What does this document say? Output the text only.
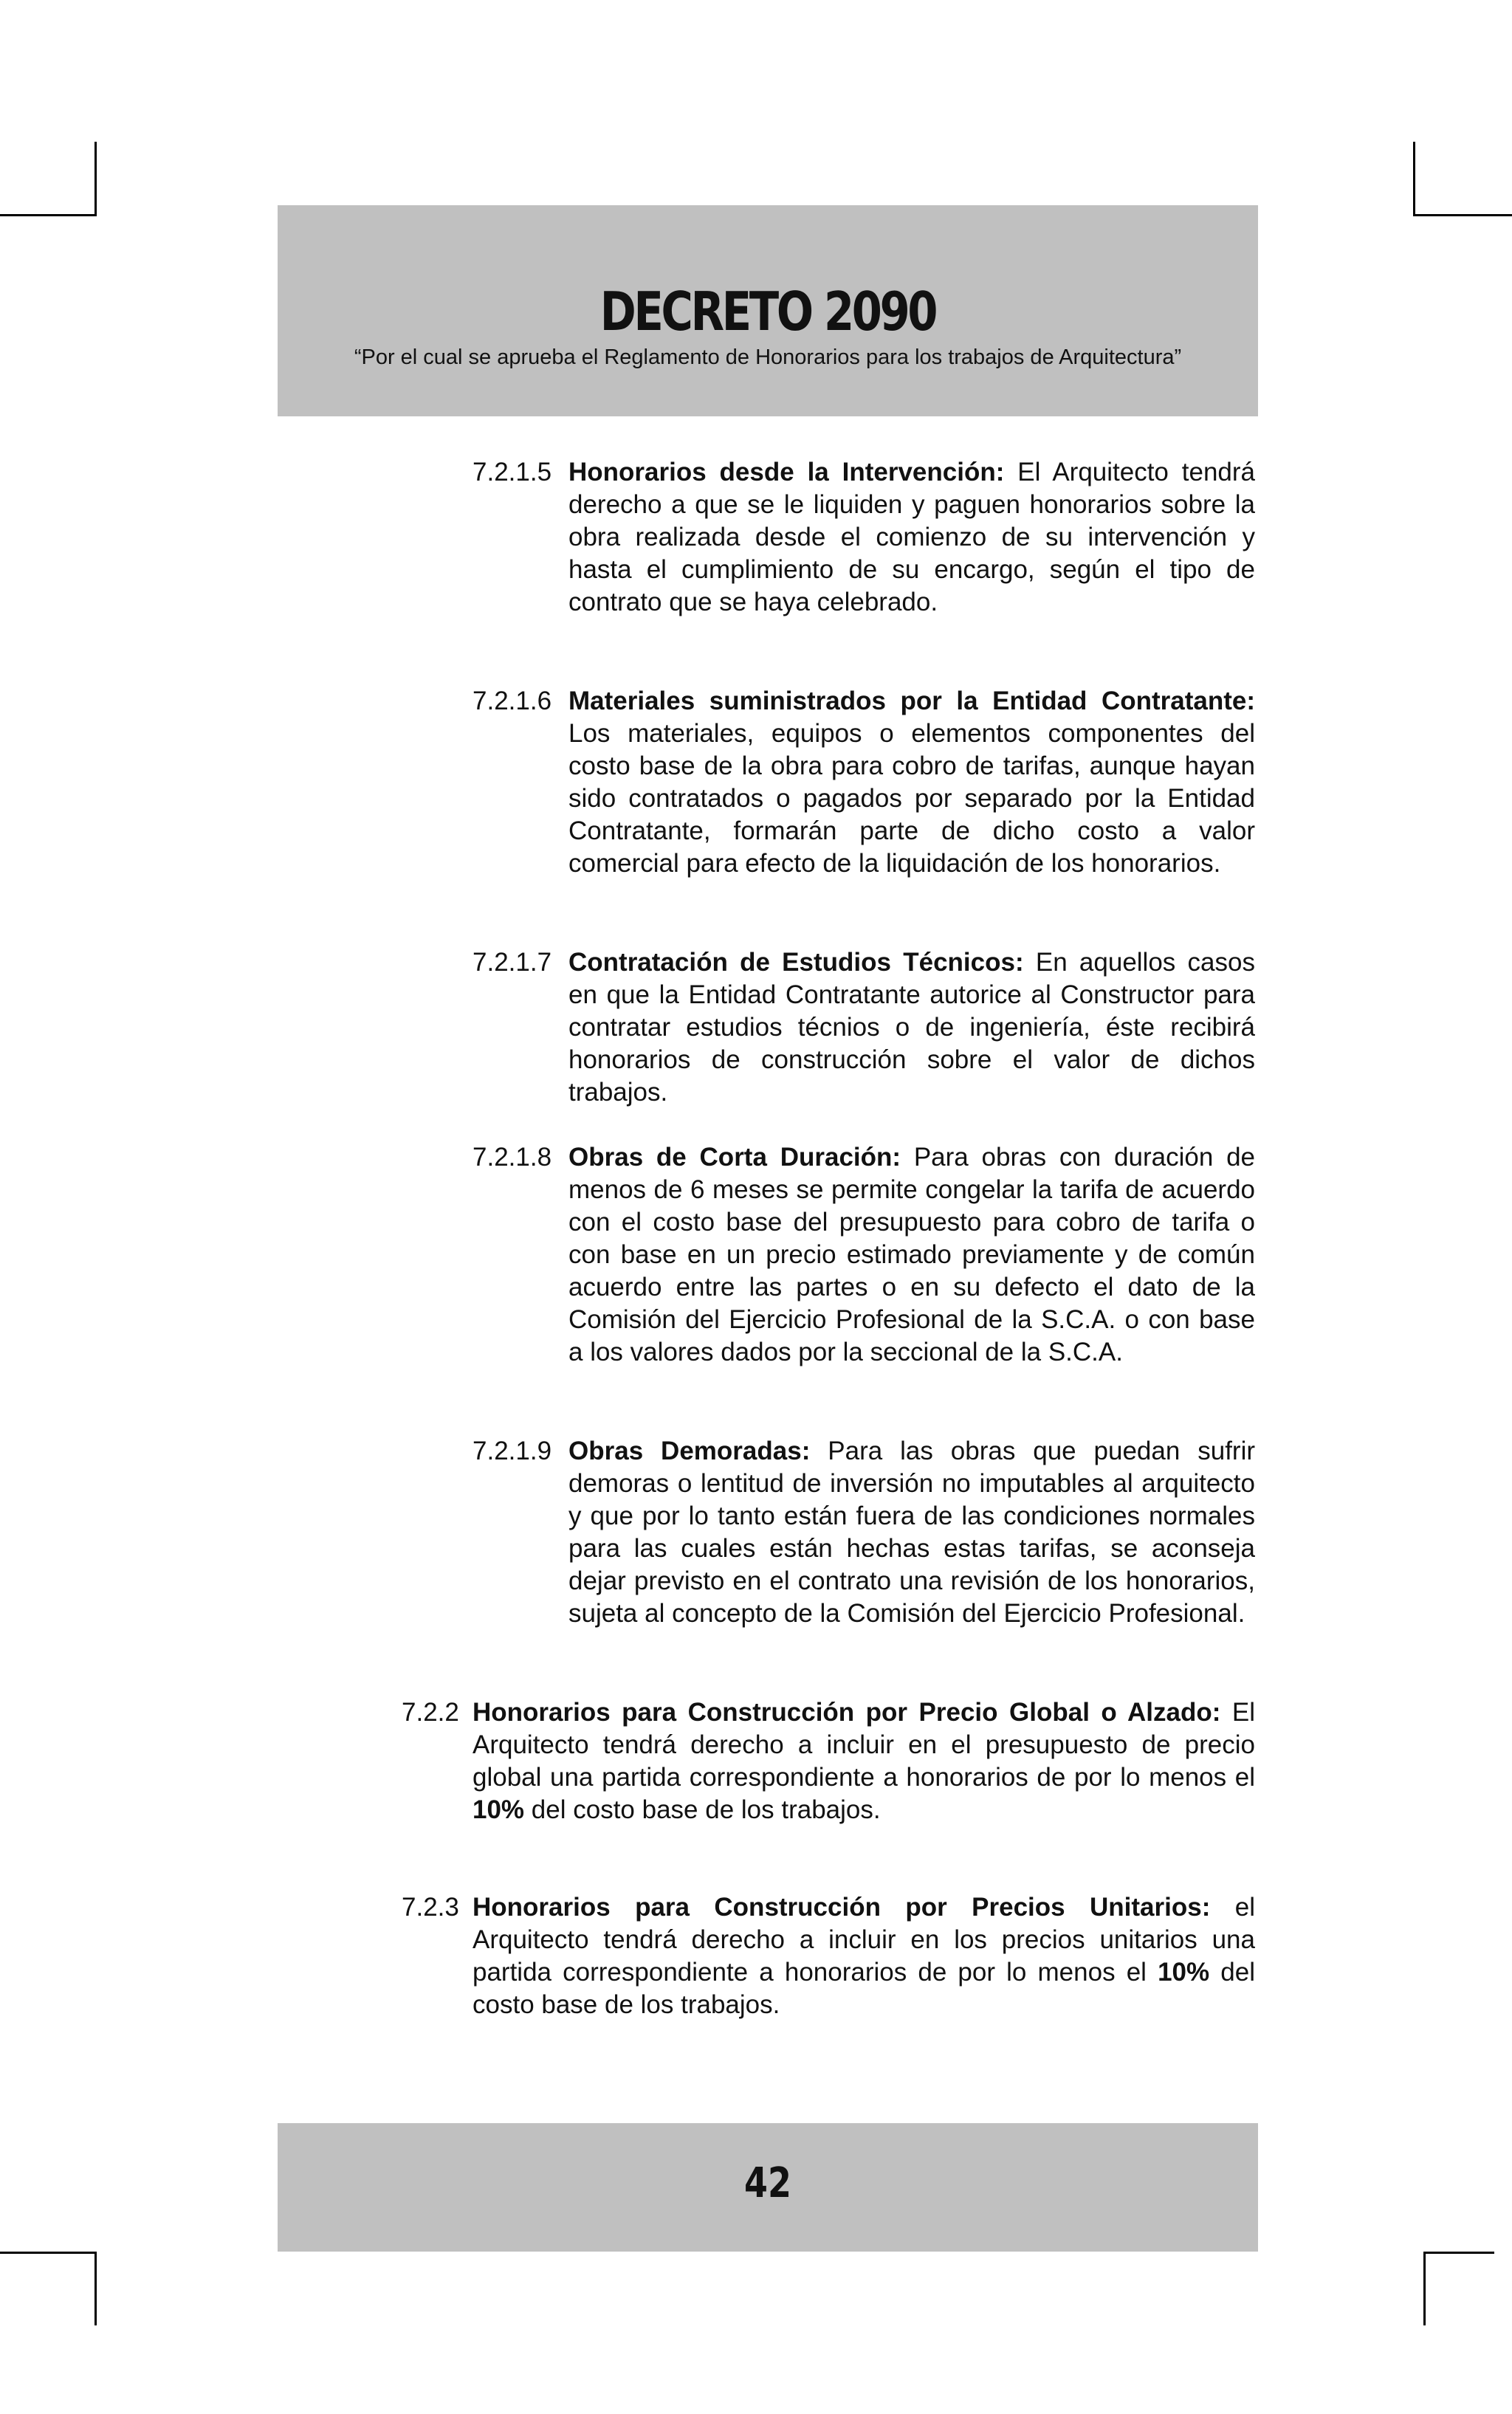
DECRETO 2090
“Por el cual se aprueba el Reglamento de Honorarios para los trabajos de Arquitectura”
7.2.1.5 Honorarios desde la Intervención: El Arquitecto tendrá derecho a que se le liquiden y paguen honorarios sobre la obra realizada desde el comienzo de su intervención y hasta el cumplimiento de su encargo, según el tipo de contrato que se haya celebrado.
7.2.1.6 Materiales suministrados por la Entidad Contratante: Los materiales, equipos o elementos componentes del costo base de la obra para cobro de tarifas, aunque hayan sido contratados o pagados por separado por la Entidad Contratante, formarán parte de dicho costo a valor comercial para efecto de la liquidación de los honorarios.
7.2.1.7 Contratación de Estudios Técnicos: En aquellos casos en que la Entidad Contratante autorice al Constructor para contratar estudios técnios o de ingeniería, éste recibirá honorarios de construcción sobre el valor de dichos trabajos.
7.2.1.8 Obras de Corta Duración: Para obras con duración de menos de 6 meses se permite congelar la tarifa de acuerdo con el costo base del presupuesto para cobro de tarifa o con base en un precio estimado previamente y de común acuerdo entre las partes o en su defecto el dato de la Comisión del Ejercicio Profesional de la S.C.A. o con base a los valores dados por la seccional de la S.C.A.
7.2.1.9 Obras Demoradas: Para las obras que puedan sufrir demoras o lentitud de inversión no imputables al arquitecto y que por lo tanto están fuera de las condiciones normales para las cuales están hechas estas tarifas, se aconseja dejar previsto en el contrato una revisión de los honorarios, sujeta al concepto de la Comisión del Ejercicio Profesional.
7.2.2 Honorarios para Construcción por Precio Global o Alzado: El Arquitecto tendrá derecho a incluir en el presupuesto de precio global una partida correspondiente a honorarios de por lo menos el 10% del costo base de los trabajos.
7.2.3 Honorarios para Construcción por Precios Unitarios: el Arquitecto tendrá derecho a incluir en los precios unitarios una partida correspondiente a honorarios de por lo menos el 10% del costo base de los trabajos.
42
